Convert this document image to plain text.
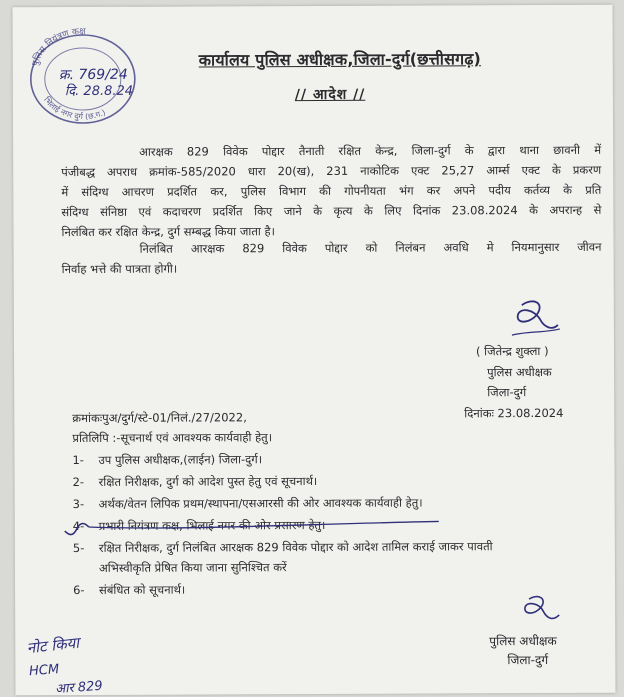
पुलिस नियंत्रण कक्ष
भिलाई नगर दुर्ग (छ.ग.)
क्र. 769/24
दि. 28.8.24
कार्यालय पुलिस अधीक्षक,जिला-दुर्ग(छत्तीसगढ़)
// आदेश //
आरक्षक 829 विवेक पोद्दार तैनाती रक्षित केन्द्र, जिला-दुर्ग के द्वारा थाना छावनी में
पंजीबद्ध अपराध क्रमांक-585/2020 धारा 20(ख), 231 नाकोटिक एक्ट 25,27 आर्म्स एक्ट के प्रकरण
में संदिग्ध आचरण प्रदर्शित कर, पुलिस विभाग की गोपनीयता भंग कर अपने पदीय कर्तव्य के प्रति
संदिग्ध संनिष्ठा एवं कदाचरण प्रदर्शित किए जाने के कृत्य के लिए दिनांक 23.08.2024 के अपरान्ह से
निलंबित कर रक्षित केन्द्र, दुर्ग सम्बद्ध किया जाता है।
निलंबित आरक्षक 829 विवेक पोद्दार को निलंबन अवधि मे नियमानुसार जीवन
निर्वाह भत्ते की पात्रता होगी।
( जितेन्द्र शुक्ला )
पुलिस अधीक्षक
जिला-दुर्ग
दिनांकः 23.08.2024
क्रमांकःपुअ/दुर्ग/स्टे-01/निलं./27/2022,
प्रतिलिपि :-सूचनार्थ एवं आवश्यक कार्यवाही हेतु।
1- उप पुलिस अधीक्षक,(लाईन) जिला-दुर्ग।
2- रक्षित निरीक्षक, दुर्ग को आदेश पुस्त हेतु एवं सूचनार्थ।
3- अर्थक/वेतन लिपिक प्रथम/स्थापना/एसआरसी की ओर आवश्यक कार्यवाही हेतु।
4- प्रभारी नियंत्रण कक्ष, भिलाई नगर की ओर प्रसारण हेतु।
5- रक्षित निरीक्षक, दुर्ग निलंबित आरक्षक 829 विवेक पोद्दार को आदेश तामिल कराई जाकर पावती
अभिस्वीकृति प्रेषित किया जाना सुनिश्चित करें
6- संबंधित को सूचनार्थ।
पुलिस अधीक्षक
जिला-दुर्ग
नोट किया
HCM
आर 829
